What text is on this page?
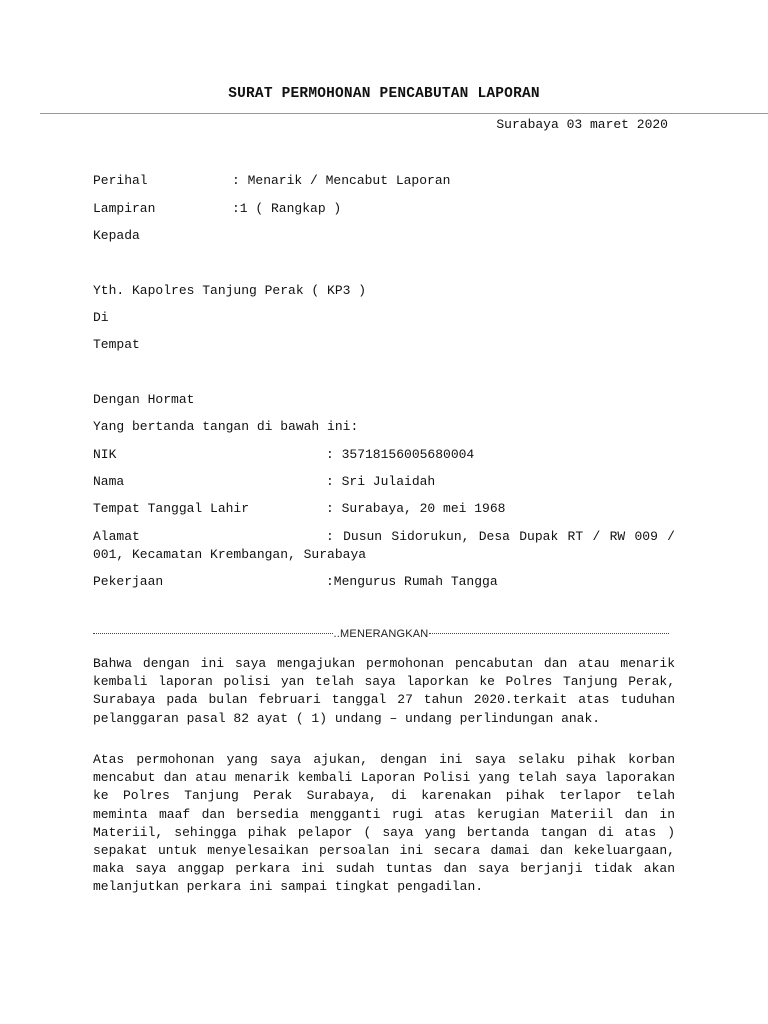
SURAT PERMOHONAN PENCABUTAN LAPORAN
Surabaya 03 maret 2020
Perihal	: Menarik / Mencabut Laporan
Lampiran	:1 ( Rangkap )
Kepada
Yth. Kapolres Tanjung Perak ( KP3 )
Di
Tempat
Dengan Hormat
Yang bertanda tangan di bawah ini:
NIK	: 35718156005680004
Nama	: Sri Julaidah
Tempat Tanggal Lahir	: Surabaya, 20 mei 1968
Alamat	: Dusun Sidorukun, Desa Dupak RT / RW 009 / 001, Kecamatan Krembangan, Surabaya
Pekerjaan	:Mengurus Rumah Tangga
..MENERANGKAN
Bahwa dengan ini saya mengajukan permohonan pencabutan dan atau menarik kembali laporan polisi yan telah saya laporkan ke Polres Tanjung Perak, Surabaya pada bulan februari tanggal 27 tahun 2020.terkait atas tuduhan pelanggaran pasal 82 ayat ( 1) undang – undang perlindungan anak.
Atas permohonan yang saya ajukan, dengan ini saya selaku pihak korban mencabut dan atau menarik kembali Laporan Polisi yang telah saya laporakan ke Polres Tanjung Perak Surabaya, di karenakan pihak terlapor telah meminta maaf dan bersedia mengganti rugi atas kerugian Materiil dan in Materiil, sehingga pihak pelapor ( saya yang bertanda tangan di atas ) sepakat untuk menyelesaikan persoalan ini secara damai dan kekeluargaan, maka saya anggap perkara ini sudah tuntas dan saya berjanji tidak akan melanjutkan perkara ini sampai tingkat pengadilan.
